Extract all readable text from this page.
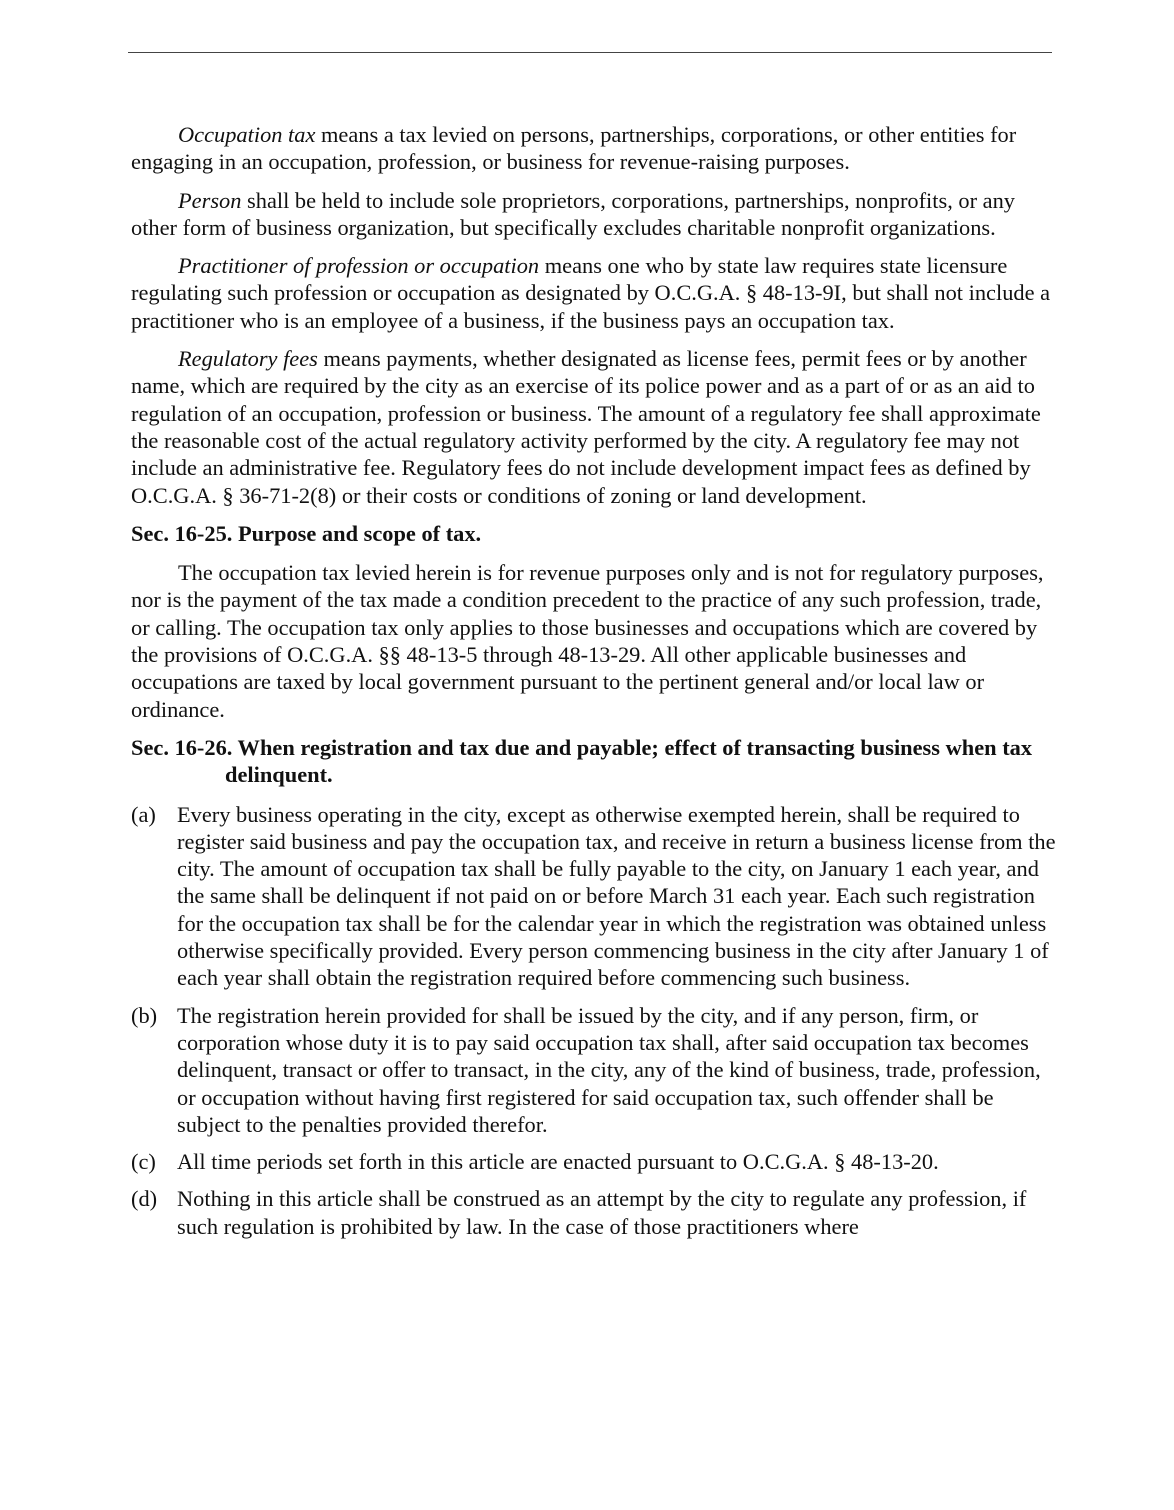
Occupation tax means a tax levied on persons, partnerships, corporations, or other entities for engaging in an occupation, profession, or business for revenue-raising purposes.

Person shall be held to include sole proprietors, corporations, partnerships, nonprofits, or any other form of business organization, but specifically excludes charitable nonprofit organizations.

Practitioner of profession or occupation means one who by state law requires state licensure regulating such profession or occupation as designated by O.C.G.A. § 48-13-9I, but shall not include a practitioner who is an employee of a business, if the business pays an occupation tax.

Regulatory fees means payments, whether designated as license fees, permit fees or by another name, which are required by the city as an exercise of its police power and as a part of or as an aid to regulation of an occupation, profession or business. The amount of a regulatory fee shall approximate the reasonable cost of the actual regulatory activity performed by the city. A regulatory fee may not include an administrative fee. Regulatory fees do not include development impact fees as defined by O.C.G.A. § 36-71-2(8) or their costs or conditions of zoning or land development.

Sec. 16-25. Purpose and scope of tax.

The occupation tax levied herein is for revenue purposes only and is not for regulatory purposes, nor is the payment of the tax made a condition precedent to the practice of any such profession, trade, or calling. The occupation tax only applies to those businesses and occupations which are covered by the provisions of O.C.G.A. §§ 48-13-5 through 48-13-29. All other applicable businesses and occupations are taxed by local government pursuant to the pertinent general and/or local law or ordinance.

Sec. 16-26. When registration and tax due and payable; effect of transacting business when tax delinquent.

(a) Every business operating in the city, except as otherwise exempted herein, shall be required to register said business and pay the occupation tax, and receive in return a business license from the city. The amount of occupation tax shall be fully payable to the city, on January 1 each year, and the same shall be delinquent if not paid on or before March 31 each year. Each such registration for the occupation tax shall be for the calendar year in which the registration was obtained unless otherwise specifically provided. Every person commencing business in the city after January 1 of each year shall obtain the registration required before commencing such business.
(b) The registration herein provided for shall be issued by the city, and if any person, firm, or corporation whose duty it is to pay said occupation tax shall, after said occupation tax becomes delinquent, transact or offer to transact, in the city, any of the kind of business, trade, profession, or occupation without having first registered for said occupation tax, such offender shall be subject to the penalties provided therefor.
(c) All time periods set forth in this article are enacted pursuant to O.C.G.A. § 48-13-20.
(d) Nothing in this article shall be construed as an attempt by the city to regulate any profession, if such regulation is prohibited by law. In the case of those practitioners where
